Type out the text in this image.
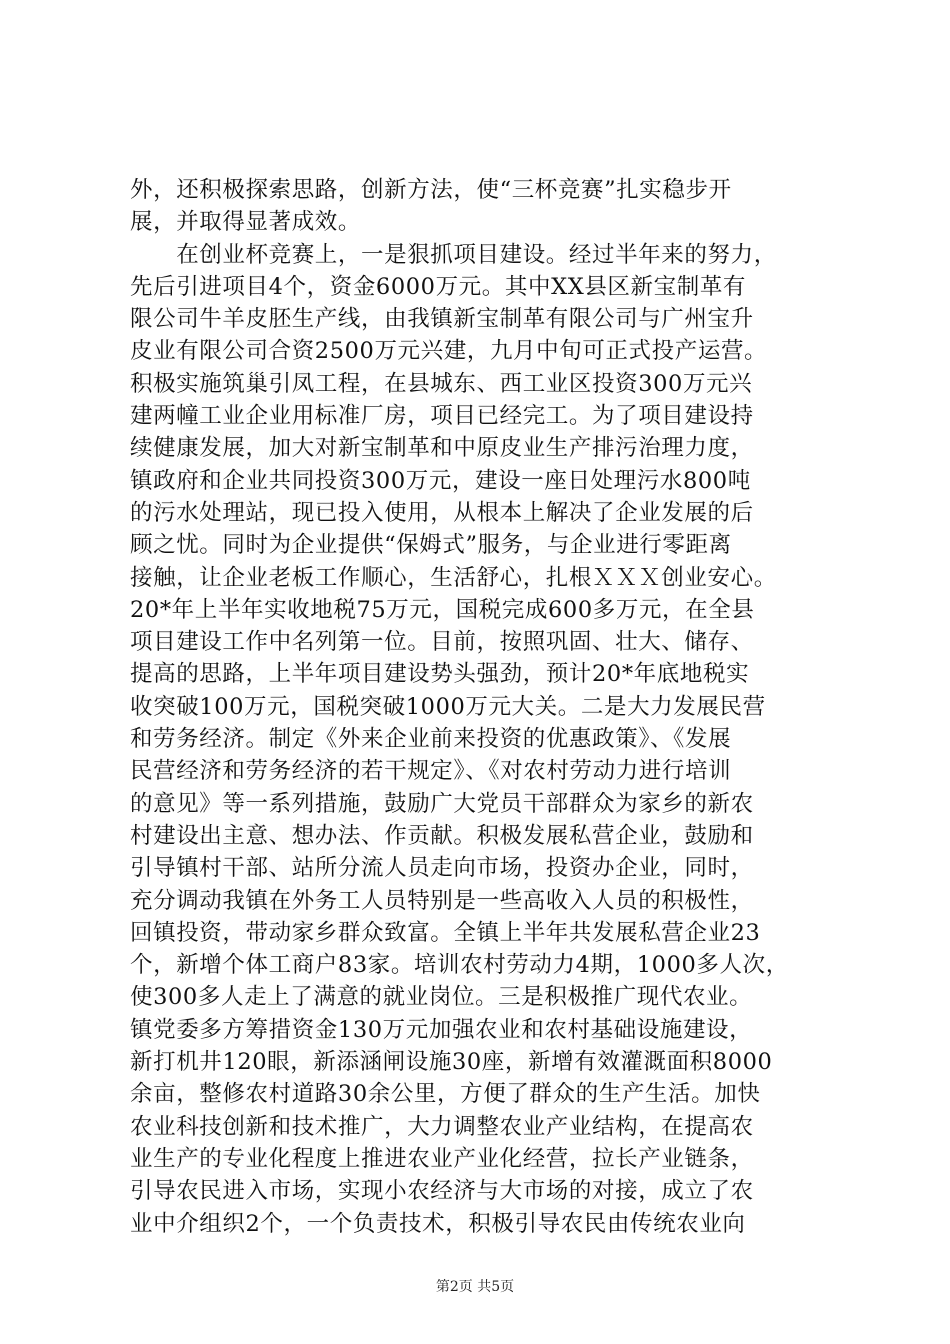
外，还积极探索思路，创新方法，使“三杯竞赛”扎实稳步开
展，并取得显著成效。
　　在创业杯竞赛上，一是狠抓项目建设。经过半年来的努力，
先后引进项目4个，资金6000万元。其中XX县区新宝制革有
限公司牛羊皮胚生产线，由我镇新宝制革有限公司与广州宝升
皮业有限公司合资2500万元兴建，九月中旬可正式投产运营。
积极实施筑巢引凤工程，在县城东、西工业区投资300万元兴
建两幢工业企业用标准厂房，项目已经完工。为了项目建设持
续健康发展，加大对新宝制革和中原皮业生产排污治理力度，
镇政府和企业共同投资300万元，建设一座日处理污水800吨
的污水处理站，现已投入使用，从根本上解决了企业发展的后
顾之忧。同时为企业提供“保姆式”服务，与企业进行零距离
接触，让企业老板工作顺心，生活舒心，扎根ＸＸＸ创业安心。
20*年上半年实收地税75万元，国税完成600多万元，在全县
项目建设工作中名列第一位。目前，按照巩固、壮大、储存、
提高的思路，上半年项目建设势头强劲，预计20*年底地税实
收突破100万元，国税突破1000万元大关。二是大力发展民营
和劳务经济。制定《外来企业前来投资的优惠政策》、《发展
民营经济和劳务经济的若干规定》、《对农村劳动力进行培训
的意见》等一系列措施，鼓励广大党员干部群众为家乡的新农
村建设出主意、想办法、作贡献。积极发展私营企业，鼓励和
引导镇村干部、站所分流人员走向市场，投资办企业，同时，
充分调动我镇在外务工人员特别是一些高收入人员的积极性，
回镇投资，带动家乡群众致富。全镇上半年共发展私营企业23
个，新增个体工商户83家。培训农村劳动力4期，1000多人次，
使300多人走上了满意的就业岗位。三是积极推广现代农业。
镇党委多方筹措资金130万元加强农业和农村基础设施建设，
新打机井120眼，新添涵闸设施30座，新增有效灌溉面积8000
余亩，整修农村道路30余公里，方便了群众的生产生活。加快
农业科技创新和技术推广，大力调整农业产业结构，在提高农
业生产的专业化程度上推进农业产业化经营，拉长产业链条，
引导农民进入市场，实现小农经济与大市场的对接，成立了农
业中介组织2个，一个负责技术，积极引导农民由传统农业向
第2页 共5页
